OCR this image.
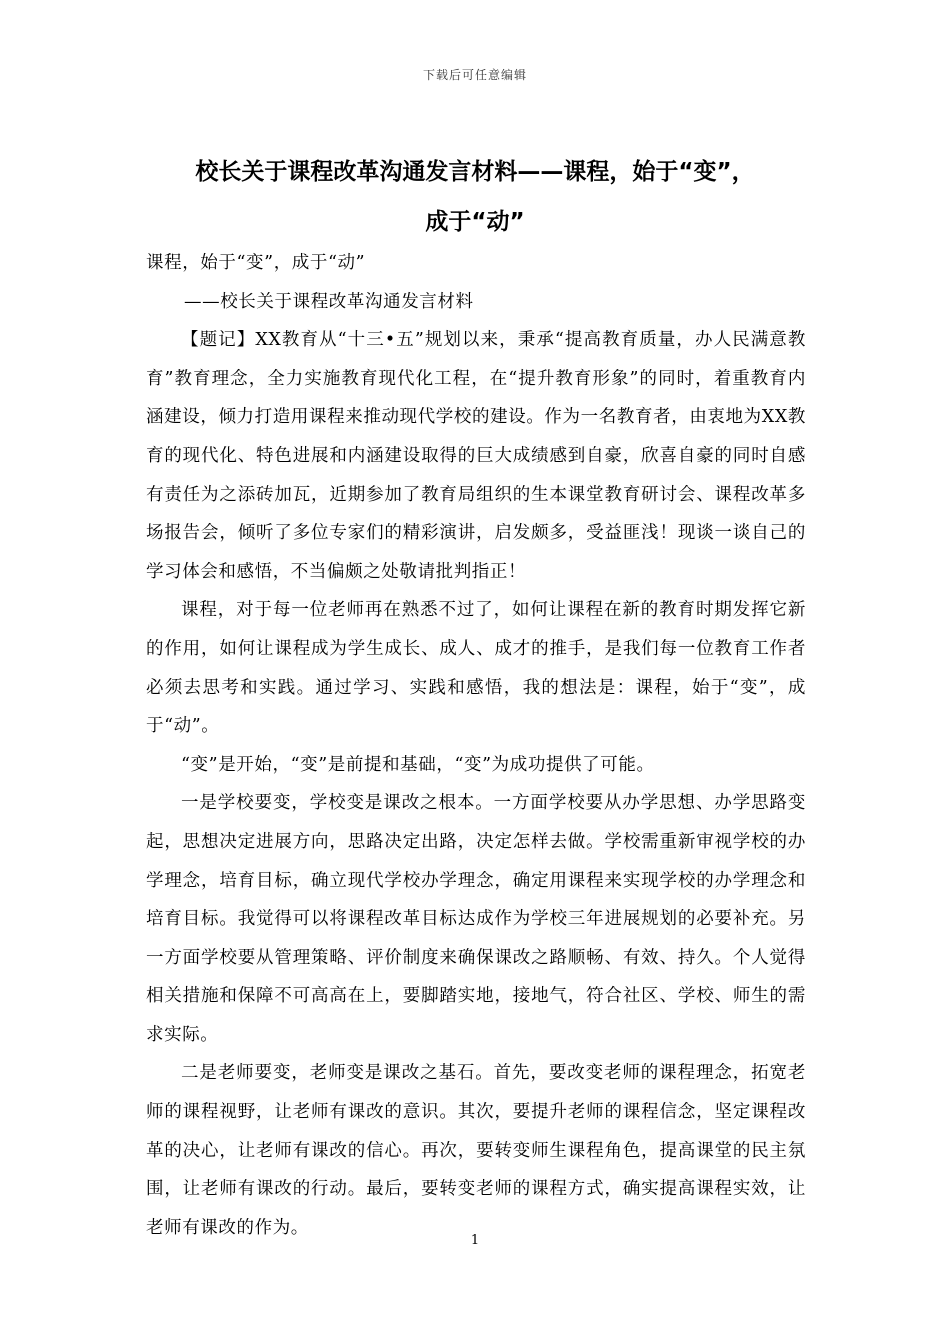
下载后可任意编辑
校长关于课程改革沟通发言材料——课程，始于“变”，
成于“动”

课程，始于“变”，成于“动”

——校长关于课程改革沟通发言材料

【题记】XX教育从“十三•五”规划以来，秉承“提高教育质量，办人民满意教育”教育理念，全力实施教育现代化工程，在“提升教育形象”的同时，着重教育内涵建设，倾力打造用课程来推动现代学校的建设。作为一名教育者，由衷地为XX教育的现代化、特色进展和内涵建设取得的巨大成绩感到自豪，欣喜自豪的同时自感有责任为之添砖加瓦，近期参加了教育局组织的生本课堂教育研讨会、课程改革多场报告会，倾听了多位专家们的精彩演讲，启发颇多，受益匪浅！现谈一谈自己的学习体会和感悟，不当偏颇之处敬请批判指正！

课程，对于每一位老师再在熟悉不过了，如何让课程在新的教育时期发挥它新的作用，如何让课程成为学生成长、成人、成才的推手，是我们每一位教育工作者必须去思考和实践。通过学习、实践和感悟，我的想法是：课程，始于“变”，成于“动”。

“变”是开始，“变”是前提和基础，“变”为成功提供了可能。

一是学校要变，学校变是课改之根本。一方面学校要从办学思想、办学思路变起，思想决定进展方向，思路决定出路，决定怎样去做。学校需重新审视学校的办学理念，培育目标，确立现代学校办学理念，确定用课程来实现学校的办学理念和培育目标。我觉得可以将课程改革目标达成作为学校三年进展规划的必要补充。另一方面学校要从管理策略、评价制度来确保课改之路顺畅、有效、持久。个人觉得相关措施和保障不可高高在上，要脚踏实地，接地气，符合社区、学校、师生的需求实际。

二是老师要变，老师变是课改之基石。首先，要改变老师的课程理念，拓宽老师的课程视野，让老师有课改的意识。其次，要提升老师的课程信念，坚定课程改革的决心，让老师有课改的信心。再次，要转变师生课程角色，提高课堂的民主氛围，让老师有课改的行动。最后，要转变老师的课程方式，确实提高课程实效，让老师有课改的作为。

1
